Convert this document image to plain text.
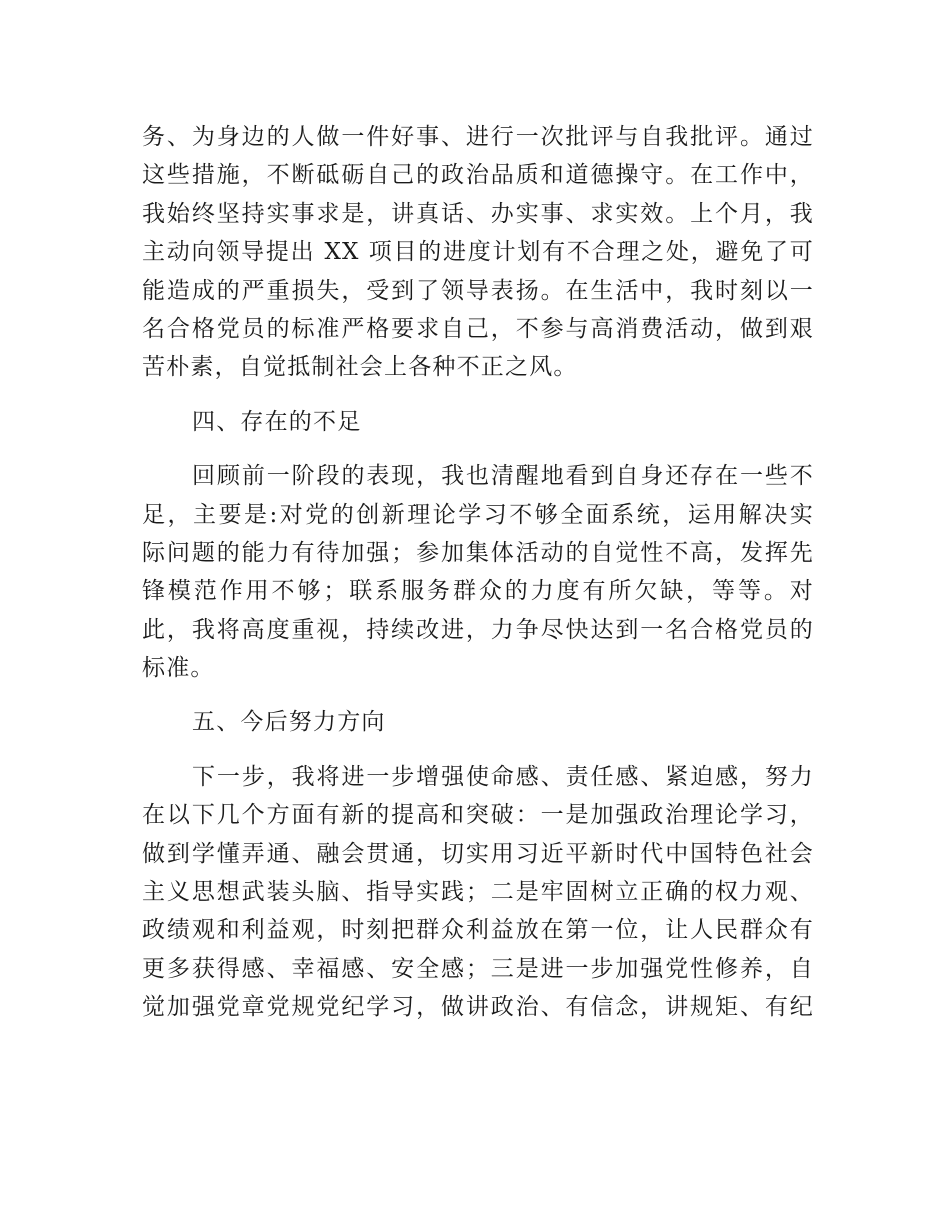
务、为身边的人做一件好事、进行一次批评与自我批评。通过
这些措施，不断砥砺自己的政治品质和道德操守。在工作中，
我始终坚持实事求是，讲真话、办实事、求实效。上个月，我
主动向领导提出 XX 项目的进度计划有不合理之处，避免了可
能造成的严重损失，受到了领导表扬。在生活中，我时刻以一
名合格党员的标准严格要求自己，不参与高消费活动，做到艰
苦朴素，自觉抵制社会上各种不正之风。
四、存在的不足
回顾前一阶段的表现，我也清醒地看到自身还存在一些不
足，主要是:对党的创新理论学习不够全面系统，运用解决实
际问题的能力有待加强；参加集体活动的自觉性不高，发挥先
锋模范作用不够；联系服务群众的力度有所欠缺，等等。对
此，我将高度重视，持续改进，力争尽快达到一名合格党员的
标准。
五、今后努力方向
下一步，我将进一步增强使命感、责任感、紧迫感，努力
在以下几个方面有新的提高和突破：一是加强政治理论学习，
做到学懂弄通、融会贯通，切实用习近平新时代中国特色社会
主义思想武装头脑、指导实践；二是牢固树立正确的权力观、
政绩观和利益观，时刻把群众利益放在第一位，让人民群众有
更多获得感、幸福感、安全感；三是进一步加强党性修养，自
觉加强党章党规党纪学习，做讲政治、有信念，讲规矩、有纪
